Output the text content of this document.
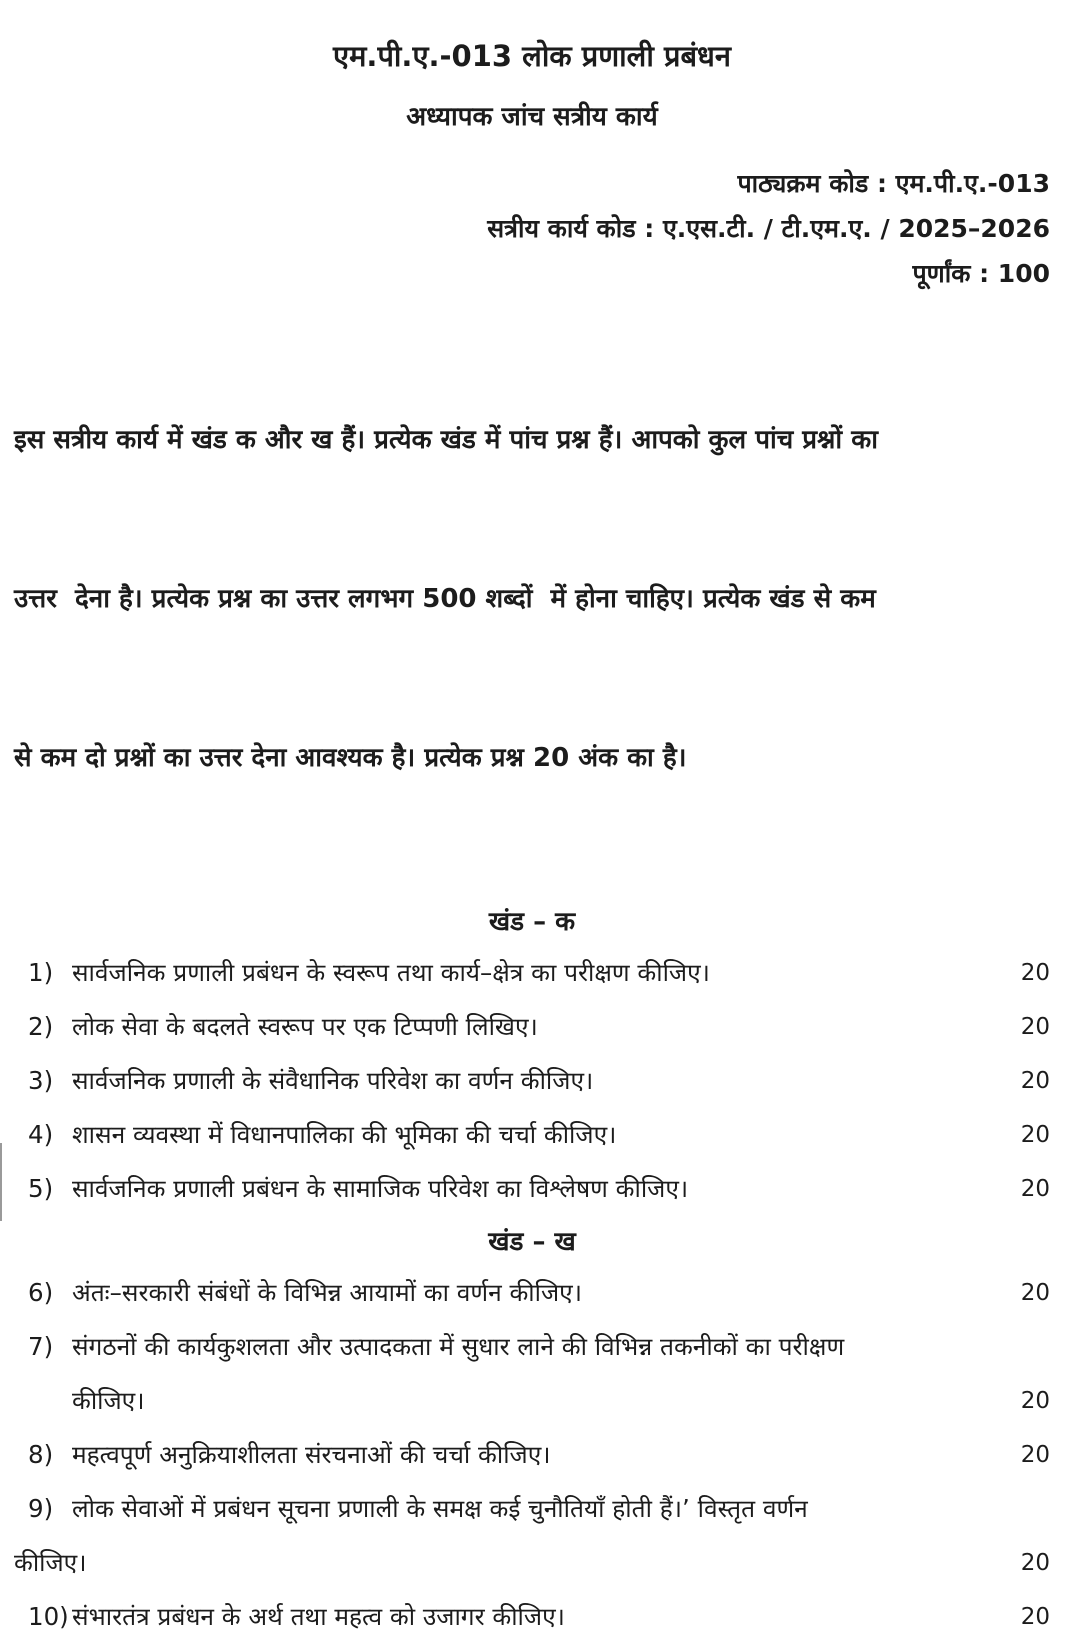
एम.पी.ए.-013 लोक प्रणाली प्रबंधन
अध्यापक जांच सत्रीय कार्य
पाठ्यक्रम कोड : एम.पी.ए.-013
सत्रीय कार्य कोड : ए.एस.टी. / टी.एम.ए. / 2025–2026
पूर्णांक : 100

इस सत्रीय कार्य में खंड क और ख हैं। प्रत्येक खंड में पांच प्रश्न हैं। आपको कुल पांच प्रश्नों का

उत्तर  देना है। प्रत्येक प्रश्न का उत्तर लगभग 500 शब्दों  में होना चाहिए। प्रत्येक खंड से कम

से कम दो प्रश्नों का उत्तर देना आवश्यक है। प्रत्येक प्रश्न 20 अंक का है।

खंड – क
1) सार्वजनिक प्रणाली प्रबंधन के स्वरूप तथा कार्य–क्षेत्र का परीक्षण कीजिए।	20
2) लोक सेवा के बदलते स्वरूप पर एक टिप्पणी लिखिए।	20
3) सार्वजनिक प्रणाली के संवैधानिक परिवेश का वर्णन कीजिए।	20
4) शासन व्यवस्था में विधानपालिका की भूमिका की चर्चा कीजिए।	20
5) सार्वजनिक प्रणाली प्रबंधन के सामाजिक परिवेश का विश्लेषण कीजिए।	20
खंड – ख
6) अंतः–सरकारी संबंधों के विभिन्न आयामों का वर्णन कीजिए।	20
7) संगठनों की कार्यकुशलता और उत्पादकता में सुधार लाने की विभिन्न तकनीकों का परीक्षण
कीजिए।	20
8) महत्वपूर्ण अनुक्रियाशीलता संरचनाओं की चर्चा कीजिए।	20
9) लोक सेवाओं में प्रबंधन सूचना प्रणाली के समक्ष कई चुनौतियाँ होती हैं।’ विस्तृत वर्णन
कीजिए।	20
10) संभारतंत्र प्रबंधन के अर्थ तथा महत्व को उजागर कीजिए।	20
